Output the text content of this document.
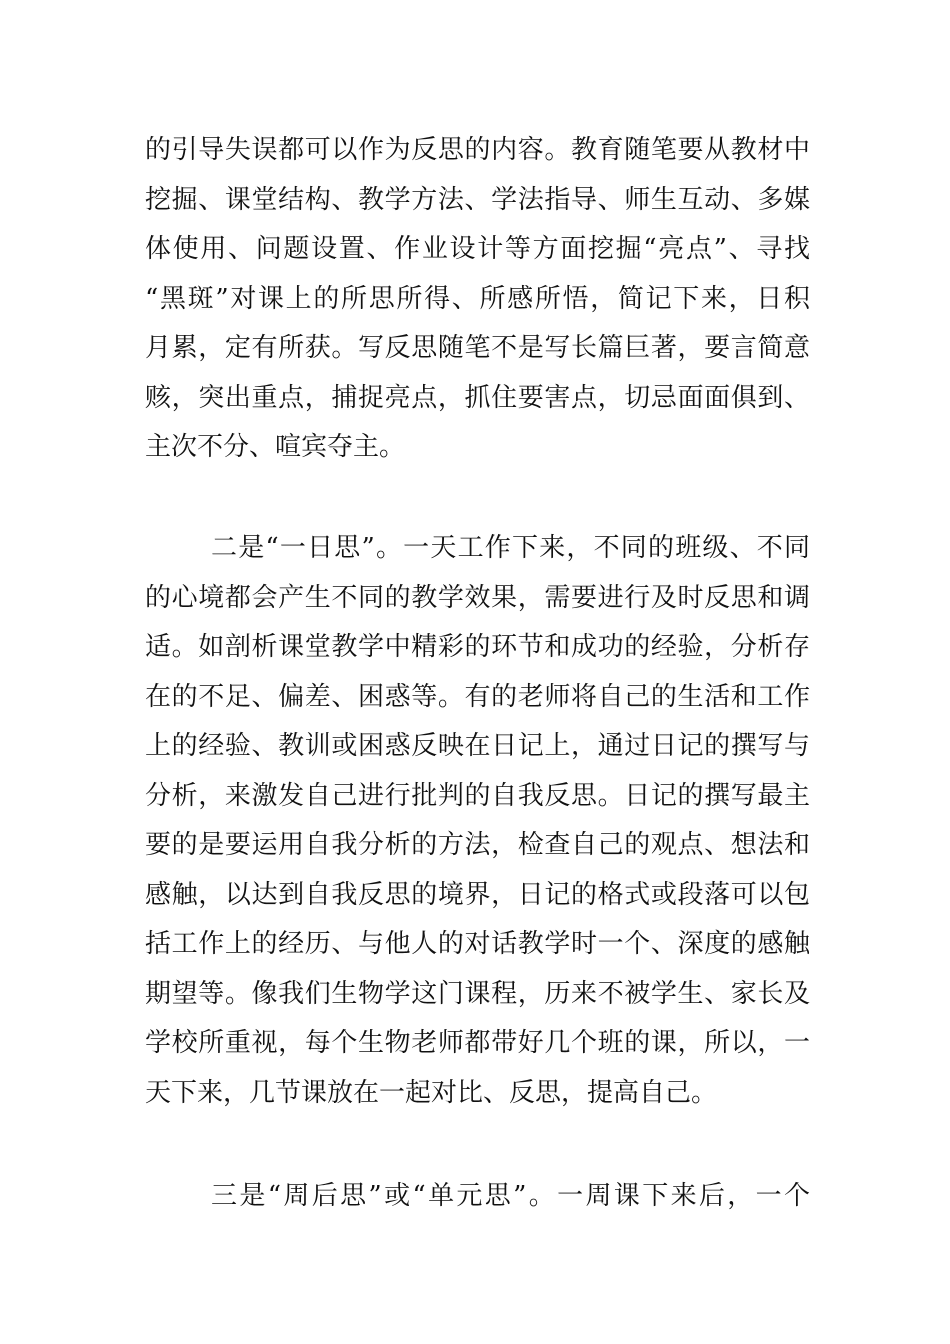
的引导失误都可以作为反思的内容。教育随笔要从教材中
挖掘、课堂结构、教学方法、学法指导、师生互动、多媒
体使用、问题设置、作业设计等方面挖掘“亮点”、寻找
“黑斑”对课上的所思所得、所感所悟，简记下来，日积
月累，定有所获。写反思随笔不是写长篇巨著，要言简意
赅，突出重点，捕捉亮点，抓住要害点，切忌面面俱到、
主次不分、喧宾夺主。
二是“一日思”。一天工作下来，不同的班级、不同
的心境都会产生不同的教学效果，需要进行及时反思和调
适。如剖析课堂教学中精彩的环节和成功的经验，分析存
在的不足、偏差、困惑等。有的老师将自己的生活和工作
上的经验、教训或困惑反映在日记上，通过日记的撰写与
分析，来激发自己进行批判的自我反思。日记的撰写最主
要的是要运用自我分析的方法，检查自己的观点、想法和
感触，以达到自我反思的境界，日记的格式或段落可以包
括工作上的经历、与他人的对话教学时一个、深度的感触
期望等。像我们生物学这门课程，历来不被学生、家长及
学校所重视，每个生物老师都带好几个班的课，所以，一
天下来，几节课放在一起对比、反思，提高自己。
三是“周后思”或“单元思”。一周课下来后，一个
